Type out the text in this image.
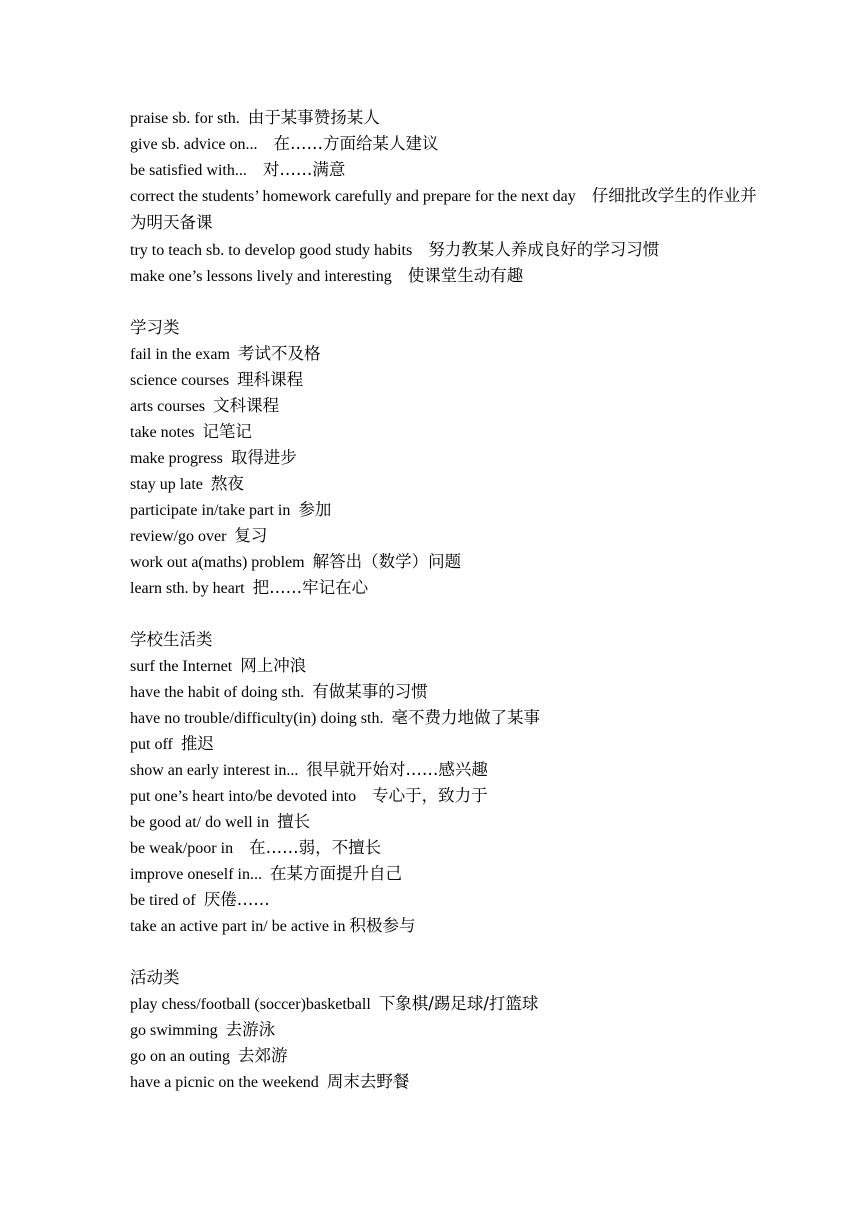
praise sb. for sth. 由于某事赞扬某人
give sb. advice on... 在……方面给某人建议
be satisfied with... 对……满意
correct the students’ homework carefully and prepare for the next day 仔细批改学生的作业并为明天备课
try to teach sb. to develop good study habits 努力教某人养成良好的学习习惯
make one’s lessons lively and interesting 使课堂生动有趣
学习类
fail in the exam 考试不及格
science courses 理科课程
arts courses 文科课程
take notes 记笔记
make progress 取得进步
stay up late 熬夜
participate in/take part in 参加
review/go over 复习
work out a(maths) problem 解答出（数学）问题
learn sth. by heart 把……牢记在心
学校生活类
surf the Internet 网上冲浪
have the habit of doing sth. 有做某事的习惯
have no trouble/difficulty(in) doing sth. 毫不费力地做了某事
put off 推迟
show an early interest in... 很早就开始对……感兴趣
put one’s heart into/be devoted into 专心于，致力于
be good at/ do well in 擅长
be weak/poor in 在……弱，不擅长
improve oneself in... 在某方面提升自己
be tired of 厌倦……
take an active part in/ be active in 积极参与
活动类
play chess/football (soccer)basketball 下象棋/踢足球/打篮球
go swimming 去游泳
go on an outing 去郊游
have a picnic on the weekend 周末去野餐
